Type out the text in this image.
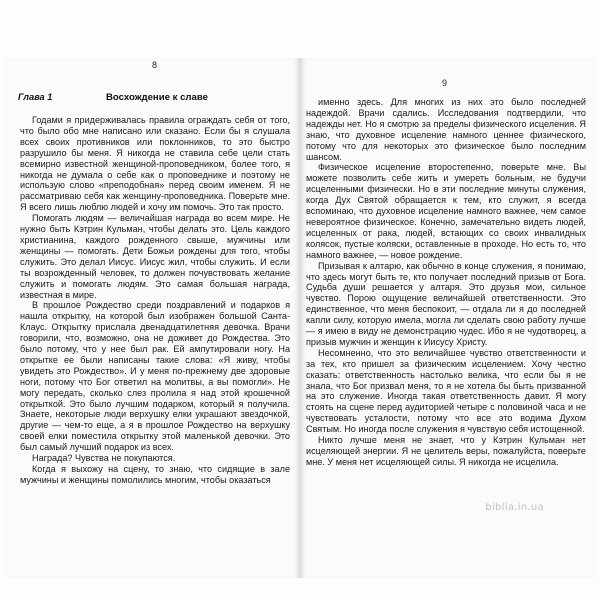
8
Глава 1	Восхождение к славе

Годами я придерживалась правила ограждать себя от того, что было обо мне написано или сказано. Если бы я слушала всех своих противников или поклонников, то это быстро разрушило бы меня. Я никогда не ставила себе цели стать всемирно известной женщиной-проповедником, более того, я никогда не думала о себе как о проповеднике и поэтому не использую слово «преподобная» перед своим именем. Я не рассматриваю себя как женщину-проповедника. Поверьте мне. Я всего лишь люблю людей и хочу им помочь. Это так просто.

Помогать людям — величайшая награда во всем мире. Не нужно быть Кэтрин Кульман, чтобы делать это. Цель каждого христианина, каждого рожденного свыше, мужчины или женщины — помогать. Дети Божьи рождены для того, чтобы служить. Это делал Иисус. Иисус жил, чтобы служить. И если ты возрожденный человек, то должен почувствовать желание служить и помогать людям. Это самая большая награда, известная в мире.

В прошлое Рождество среди поздравлений и подарков я нашла открытку, на которой был изображен большой Санта-Клаус. Открытку прислала двенадцатилетняя девочка. Врачи говорили, что, возможно, она не доживет до Рождества. Это было потому, что у нее был рак. Ей ампутировали ногу. На открытке ее были написаны такие слова: «Я живу, чтобы увидеть это Рождество». И у меня по-прежнему две здоровые ноги, потому что Бог ответил на молитвы, а вы помогли». Не могу передать, сколько слез пролила я над этой крошечной открыткой. Это было лучшим подарком, который я получила. Знаете, некоторые люди верхушку елки украшают звездочкой, другие — чем-то еще, а я в прошлое Рождество на верхушку своей елки поместила открытку этой маленькой девочки. Это был самый лучший подарок из всех.

Награда? Чувства не покупаются.

Когда я выхожу на сцену, то знаю, что сидящие в зале мужчины и женщины помолились многим, чтобы оказаться

9

именно здесь. Для многих из них это было последней надеждой. Врачи сдались. Исследования подтвердили, что надежды нет. Но я смотрю за пределы физического исцеления. Я знаю, что духовное исцеление намного ценнее физического, потому что для некоторых это физическое было последним шансом.

Физическое исцеление второстепенно, поверьте мне. Вы можете позволить себе жить и умереть больным, не будучи исцеленными физически. Но в эти последние минуты служения, когда Дух Святой обращается к тем, кто служит, я всегда вспоминаю, что духовное исцеление намного важнее, чем самое невероятное физическое. Конечно, замечательно видеть людей, исцеленных от рака, людей, встающих со своих инвалидных колясок, пустые коляски, оставленные в проходе. Но есть то, что намного важнее, — новое рождение.

Призывая к алтарю, как обычно в конце служения, я понимаю, что здесь могут быть те, кто получает последний призыв от Бога. Судьба души решается у алтаря. Это друзья мои, сильное чувство. Порою ощущение величайшей ответственности. Это единственное, что меня беспокоит, — отдала ли я до последней капли силу, которую имела, могла ли сделать свою работу лучше — я имею в виду не демонстрацию чудес. Ибо я не чудотворец, а призыв мужчин и женщин к Иисусу Христу.

Несомненно, что это величайшее чувство ответственности и за тех, кто пришел за физическим исцелением. Хочу честно сказать: ответственность настолько велика, что если бы я не знала, что Бог призвал меня, то я не хотела бы быть призванной на это служение. Иногда такая ответственность давит. Я могу стоять на сцене перед аудиторией четыре с половиной часа и не чувствовать усталости, потому что все это водима Духом Святым. Но иногда после служения я чувствую себя истощенной.

Никто лучше меня не знает, что у Кэтрин Кульман нет исцеляющей энергии. Я не целитель веры, пожалуйста, поверьте мне. У меня нет исцеляющей силы. Я никогда не исцелила.

biblia.in.ua
